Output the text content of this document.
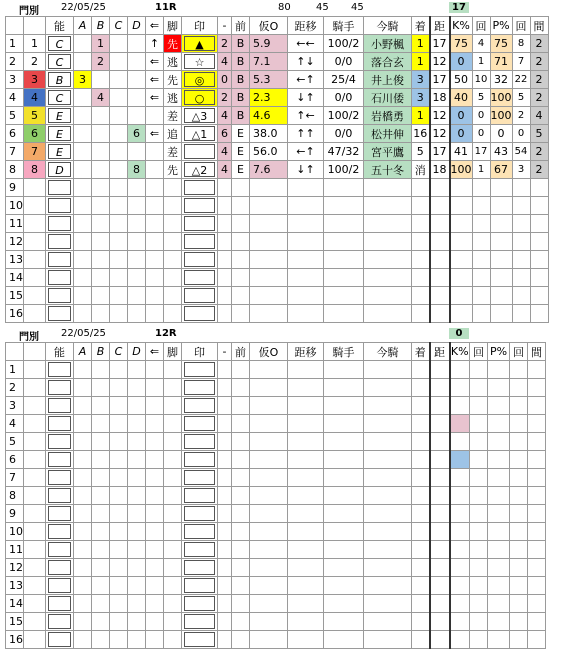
門別 22/05/25	11R	80	45 45	17
		能	A	B	C	D	⇐	脚	印	-	前	仮O	距移	騎手	今騎	着	距	K%	回	P%	回	間
1	1	C		1			↑	先	▲	2	B	5.9	←←	100/2	小野楓	1	17	75	4	75	8	2
2	2	C		2			⇐	逃	☆	4	B	7.1	↑↓	0/0	落合玄	1	12	0	1	71	7	2
3	3	B	3				⇐	先	◎	0	B	5.3	←↑	25/4	井上俊	3	17	50	10	32	22	2
4	4	C		4			⇐	逃	○	2	B	2.3	↓↑	0/0	石川倭	3	18	40	5	100	5	2
5	5	E						差	△3	4	B	4.6	↑←	100/2	岩橋勇	1	12	0	0	100	2	4
6	6	E				6	⇐	追	△1	6	E	38.0	↑↑	0/0	松井伸	16	12	0	0	0	0	5
7	7	E						差		4	E	56.0	←↑	47/32	宮平鷹	5	17	41	17	43	54	2
8	8	D				8		先	△2	4	E	7.6	↓↑	100/2	五十冬	消	18	100	1	67	3	2
9		

10		

11		

12		

13		

14		

15		

16		

門別 22/05/25	12R	0
		能	A	B	C	D	⇐	脚	印	-	前	仮O	距移	騎手	今騎	着	距	K%	回	P%	回	間
1		

2		

3		

4		

5		

6		

7		

8		

9		

10		

11		

12		

13		

14		

15		

16		
